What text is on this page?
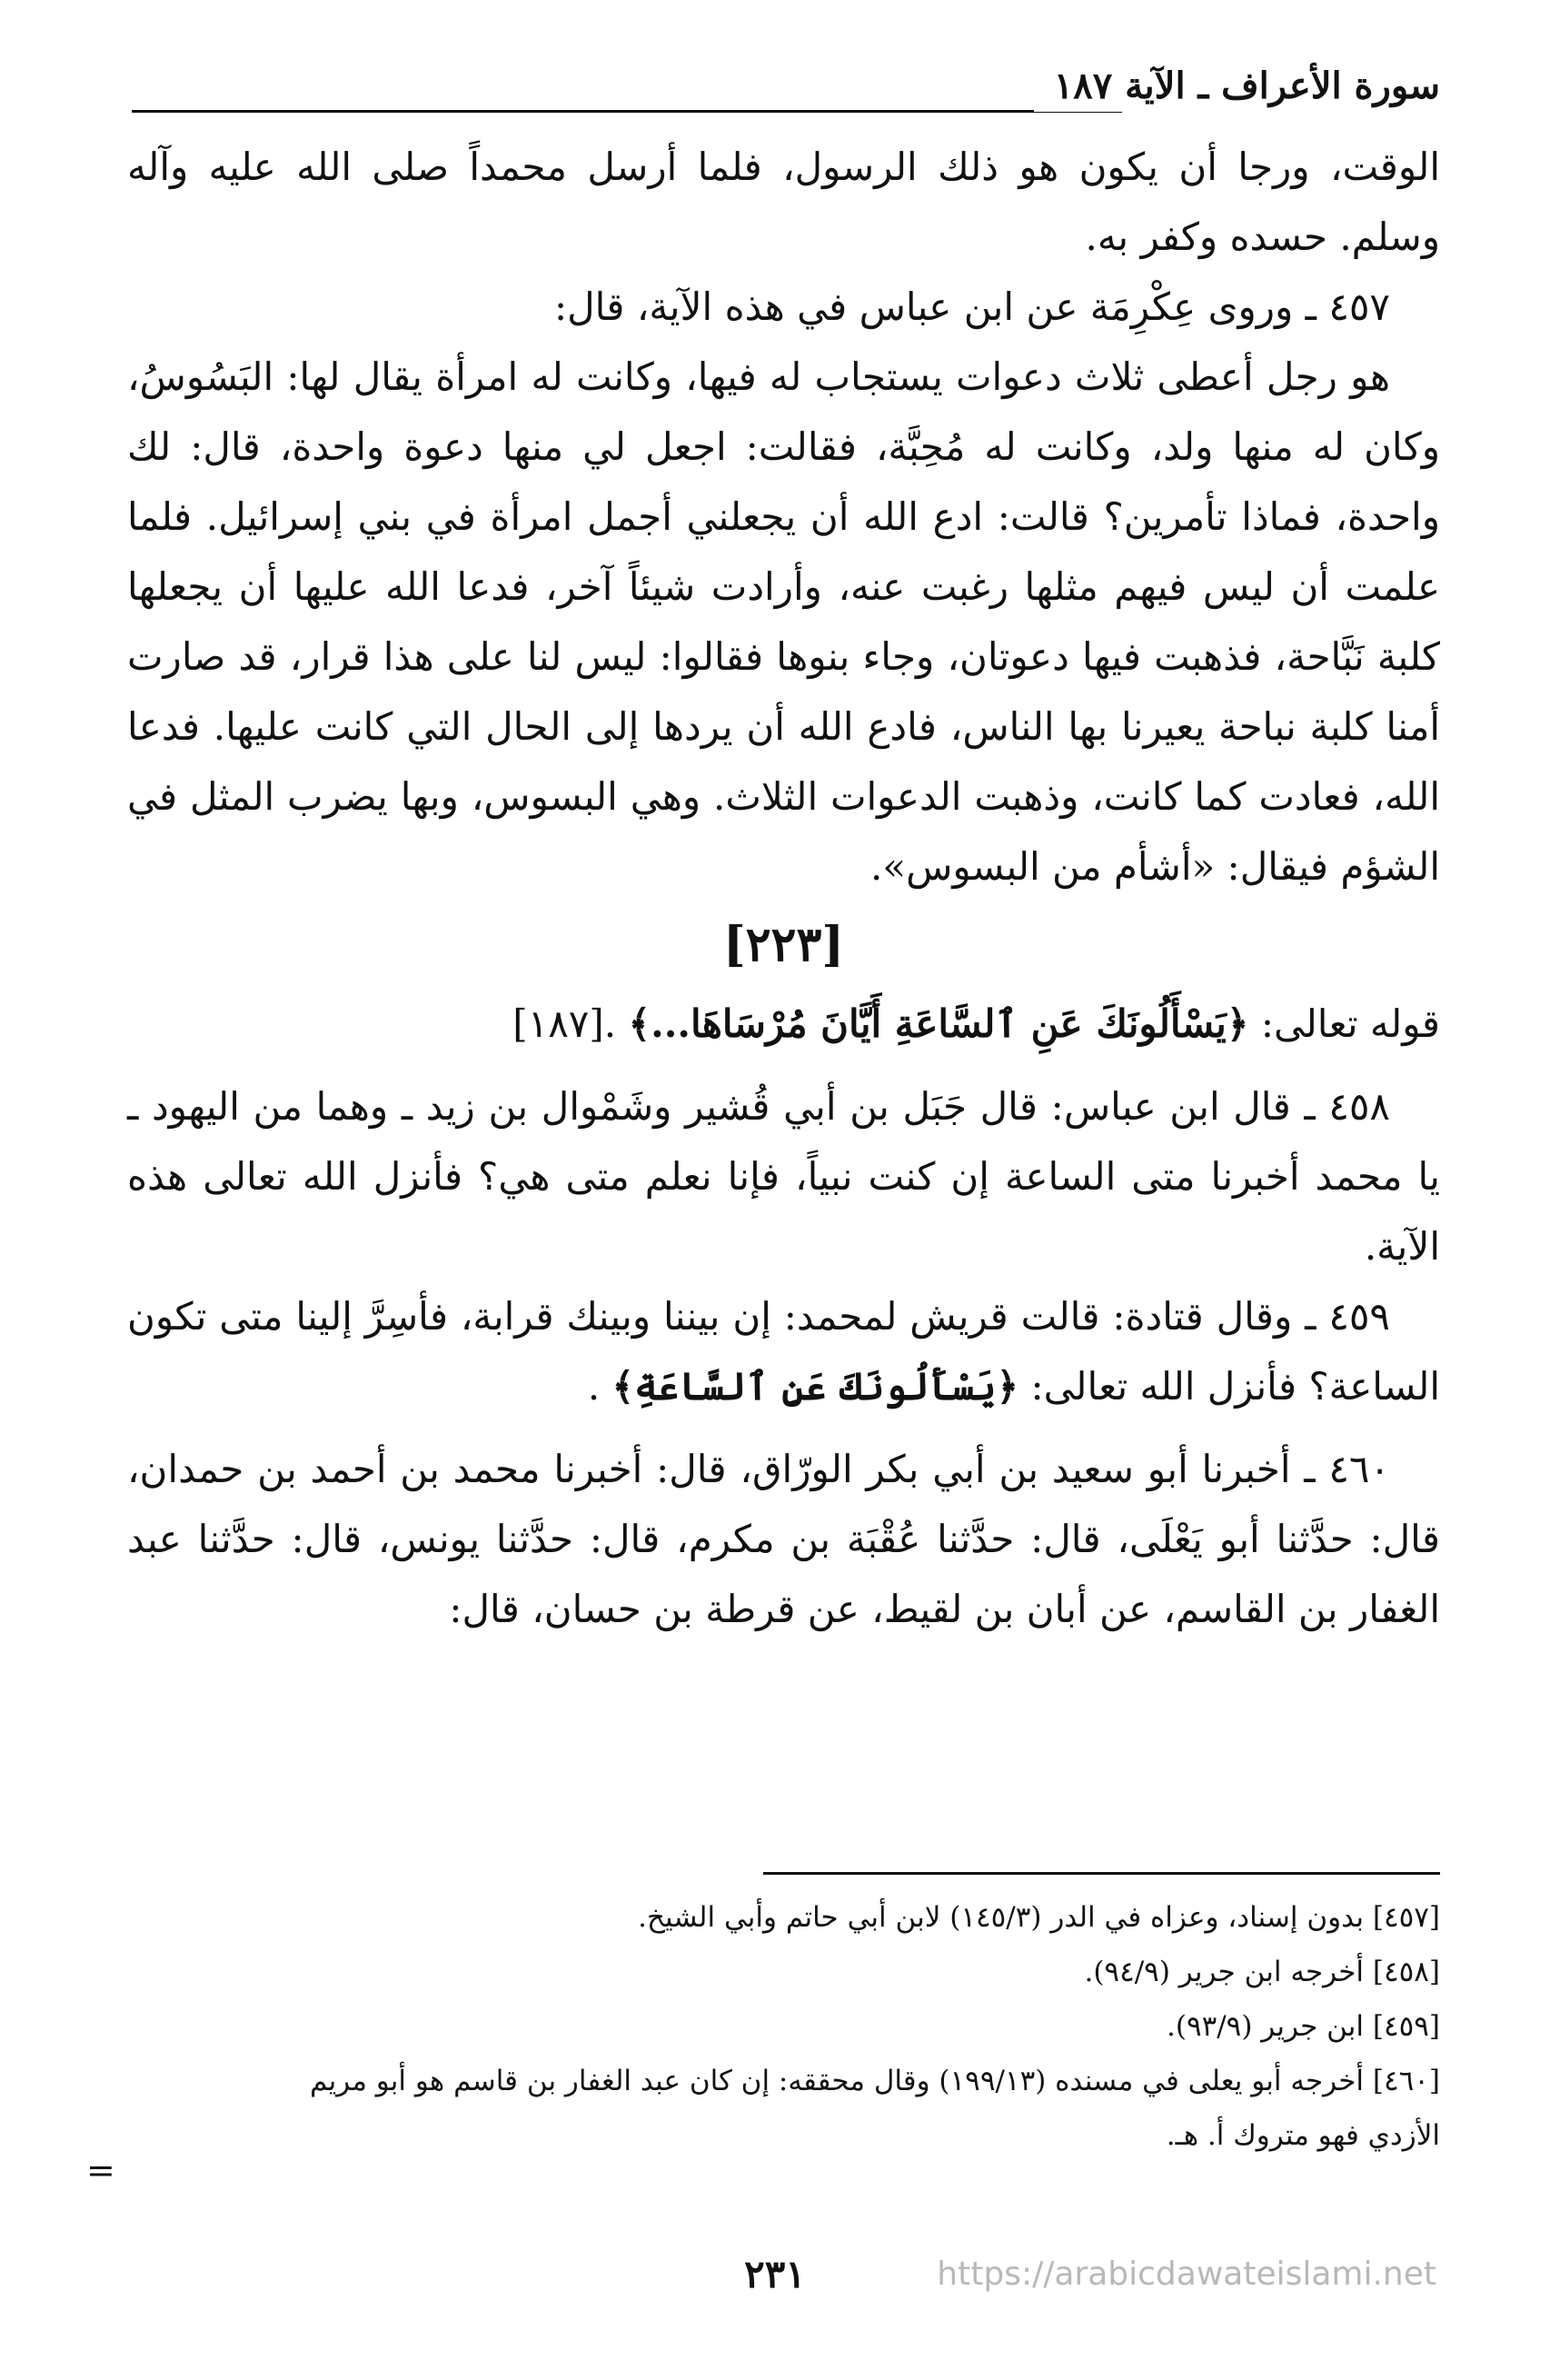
سورة الأعراف ـ الآية ١٨٧

الوقت، ورجا أن يكون هو ذلك الرسول، فلما أرسل محمداً صلى الله عليه وآله وسلم. حسده وكفر به.

٤٥٧ ـ وروى عِكْرِمَة عن ابن عباس في هذه الآية، قال:

هو رجل أعطى ثلاث دعوات يستجاب له فيها، وكانت له امرأة يقال لها: البَسُوسُ، وكان له منها ولد، وكانت له مُحِبَّة، فقالت: اجعل لي منها دعوة واحدة، قال: لك واحدة، فماذا تأمرين؟ قالت: ادع الله أن يجعلني أجمل امرأة في بني إسرائيل. فلما علمت أن ليس فيهم مثلها رغبت عنه، وأرادت شيئاً آخر، فدعا الله عليها أن يجعلها كلبة نَبَّاحة، فذهبت فيها دعوتان، وجاء بنوها فقالوا: ليس لنا على هذا قرار، قد صارت أمنا كلبة نباحة يعيرنا بها الناس، فادع الله أن يردها إلى الحال التي كانت عليها. فدعا الله، فعادت كما كانت، وذهبت الدعوات الثلاث. وهي البسوس، وبها يضرب المثل في الشؤم فيقال: «أشأم من البسوس».

[٢٢٣]

قوله تعالى: ﴿يَسْأَلُونَكَ عَنِ ٱلسَّاعَةِ أَيَّانَ مُرْسَاهَا...﴾ .[١٨٧]

٤٥٨ ـ قال ابن عباس: قال جَبَل بن أبي قُشير وشَمْوال بن زيد ـ وهما من اليهود ـ يا محمد أخبرنا متى الساعة إن كنت نبياً، فإنا نعلم متى هي؟ فأنزل الله تعالى هذه الآية.

٤٥٩ ـ وقال قتادة: قالت قريش لمحمد: إن بيننا وبينك قرابة، فأسِرَّ إلينا متى تكون الساعة؟ فأنزل الله تعالى: ﴿يَسْأَلُونَكَ عَنِ ٱلسَّاعَةِ﴾ .

٤٦٠ ـ أخبرنا أبو سعيد بن أبي بكر الورّاق، قال: أخبرنا محمد بن أحمد بن حمدان، قال: حدَّثنا أبو يَعْلَى، قال: حدَّثنا عُقْبَة بن مكرم، قال: حدَّثنا يونس، قال: حدَّثنا عبد الغفار بن القاسم، عن أبان بن لقيط، عن قرطة بن حسان، قال:

[٤٥٧] بدون إسناد، وعزاه في الدر (١٤٥/٣) لابن أبي حاتم وأبي الشيخ.

[٤٥٨] أخرجه ابن جرير (٩٤/٩).

[٤٥٩] ابن جرير (٩٣/٩).

[٤٦٠] أخرجه أبو يعلى في مسنده (١٩٩/١٣) وقال محققه: إن كان عبد الغفار بن قاسم هو أبو مريم

الأزدي فهو متروك أ. هـ.

=
٢٣١	https://arabicdawateislami.net
